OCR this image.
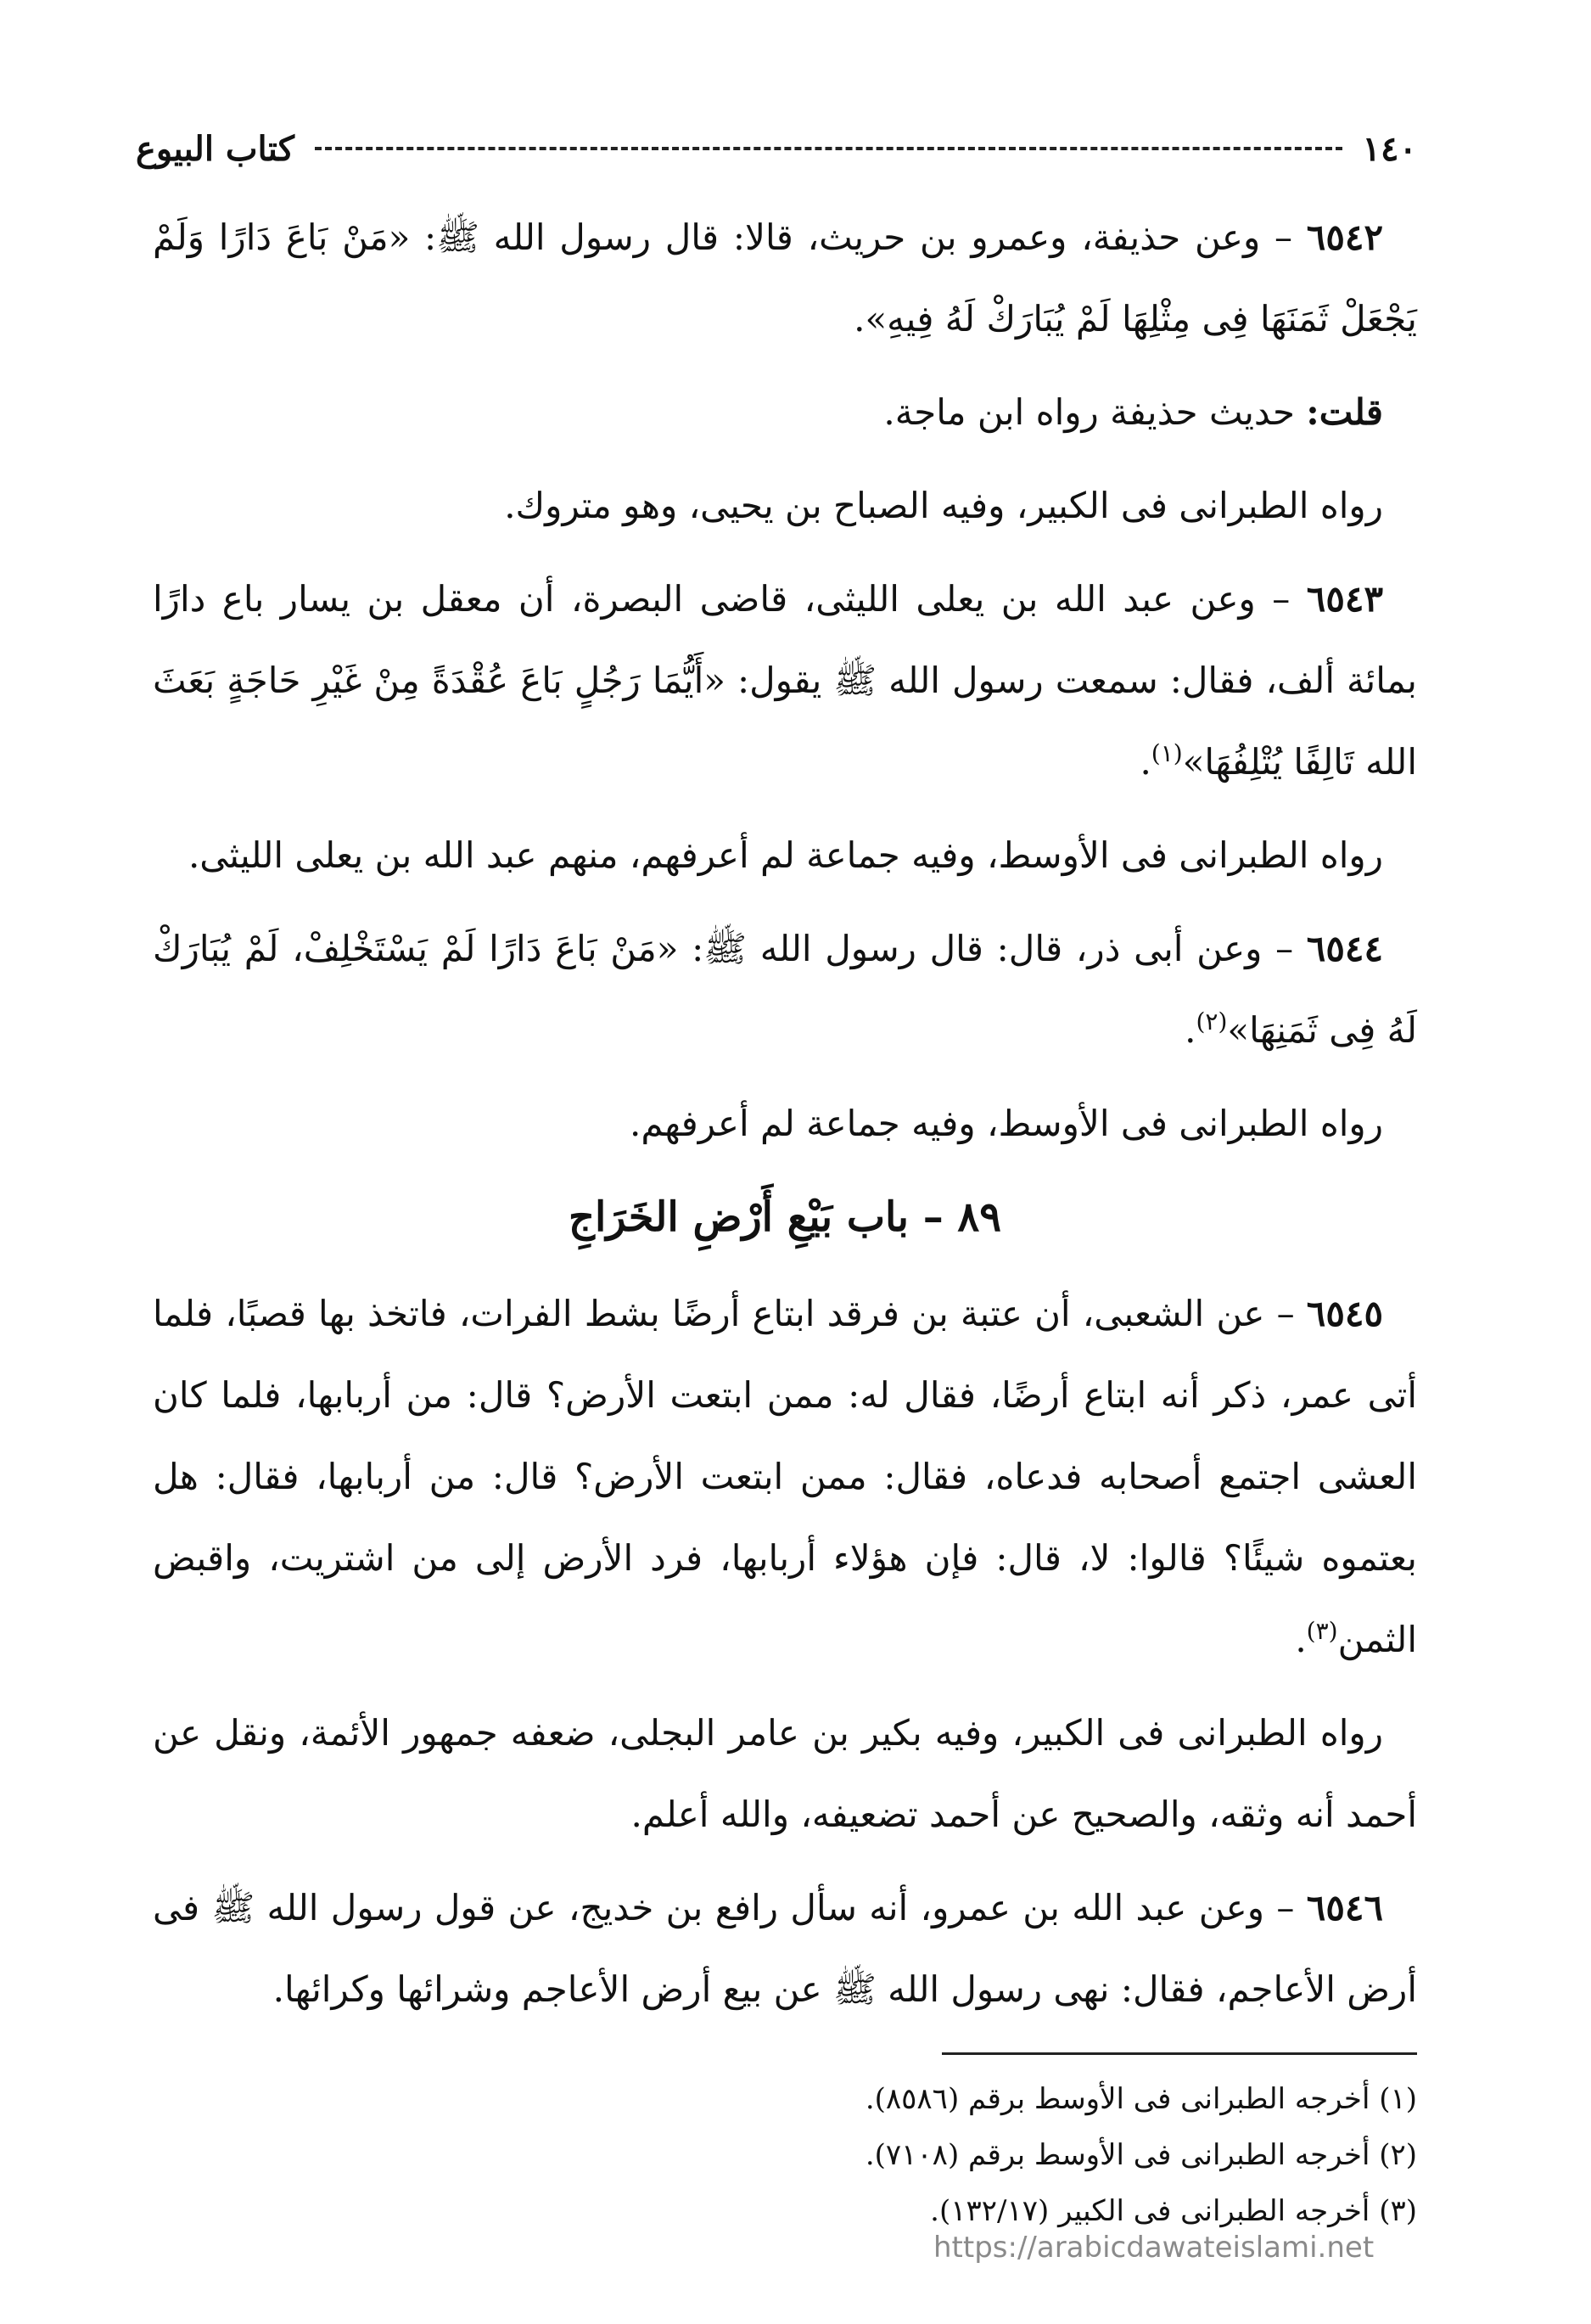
١٤٠
كتاب البيوع

٦٥٤٢ – وعن حذيفة، وعمرو بن حريث، قالا: قال رسول الله ﷺ: «مَنْ بَاعَ دَارًا وَلَمْ يَجْعَلْ ثَمَنَهَا فِى مِثْلِهَا لَمْ يُبَارَكْ لَهُ فِيهِ».

قلت: حديث حذيفة رواه ابن ماجة.

رواه الطبرانى فى الكبير، وفيه الصباح بن يحيى، وهو متروك.

٦٥٤٣ – وعن عبد الله بن يعلى الليثى، قاضى البصرة، أن معقل بن يسار باع دارًا بمائة ألف، فقال: سمعت رسول الله ﷺ يقول: «أَيُّمَا رَجُلٍ بَاعَ عُقْدَةً مِنْ غَيْرِ حَاجَةٍ بَعَثَ الله تَالِفًا يُتْلِفُهَا»$^{(١)}$.

رواه الطبرانى فى الأوسط، وفيه جماعة لم أعرفهم، منهم عبد الله بن يعلى الليثى.

٦٥٤٤ – وعن أبى ذر، قال: قال رسول الله ﷺ: «مَنْ بَاعَ دَارًا لَمْ يَسْتَخْلِفْ، لَمْ يُبَارَكْ لَهُ فِى ثَمَنِهَا»$^{(٢)}$.

رواه الطبرانى فى الأوسط، وفيه جماعة لم أعرفهم.

٨٩ – باب بَيْعِ أَرْضِ الخَرَاجِ

٦٥٤٥ – عن الشعبى، أن عتبة بن فرقد ابتاع أرضًا بشط الفرات، فاتخذ بها قصبًا، فلما أتى عمر، ذكر أنه ابتاع أرضًا، فقال له: ممن ابتعت الأرض؟ قال: من أربابها، فلما كان العشى اجتمع أصحابه فدعاه، فقال: ممن ابتعت الأرض؟ قال: من أربابها، فقال: هل بعتموه شيئًا؟ قالوا: لا، قال: فإن هؤلاء أربابها، فرد الأرض إلى من اشتريت، واقبض الثمن$^{(٣)}$.

رواه الطبرانى فى الكبير، وفيه بكير بن عامر البجلى، ضعفه جمهور الأئمة، ونقل عن أحمد أنه وثقه، والصحيح عن أحمد تضعيفه، والله أعلم.

٦٥٤٦ – وعن عبد الله بن عمرو، أنه سأل رافع بن خديج، عن قول رسول الله ﷺ فى أرض الأعاجم، فقال: نهى رسول الله ﷺ عن بيع أرض الأعاجم وشرائها وكرائها.

(١) أخرجه الطبرانى فى الأوسط برقم (٨٥٨٦).

(٢) أخرجه الطبرانى فى الأوسط برقم (٧١٠٨).

(٣) أخرجه الطبرانى فى الكبير (١٣٢/١٧).

https://arabicdawateislami.net
